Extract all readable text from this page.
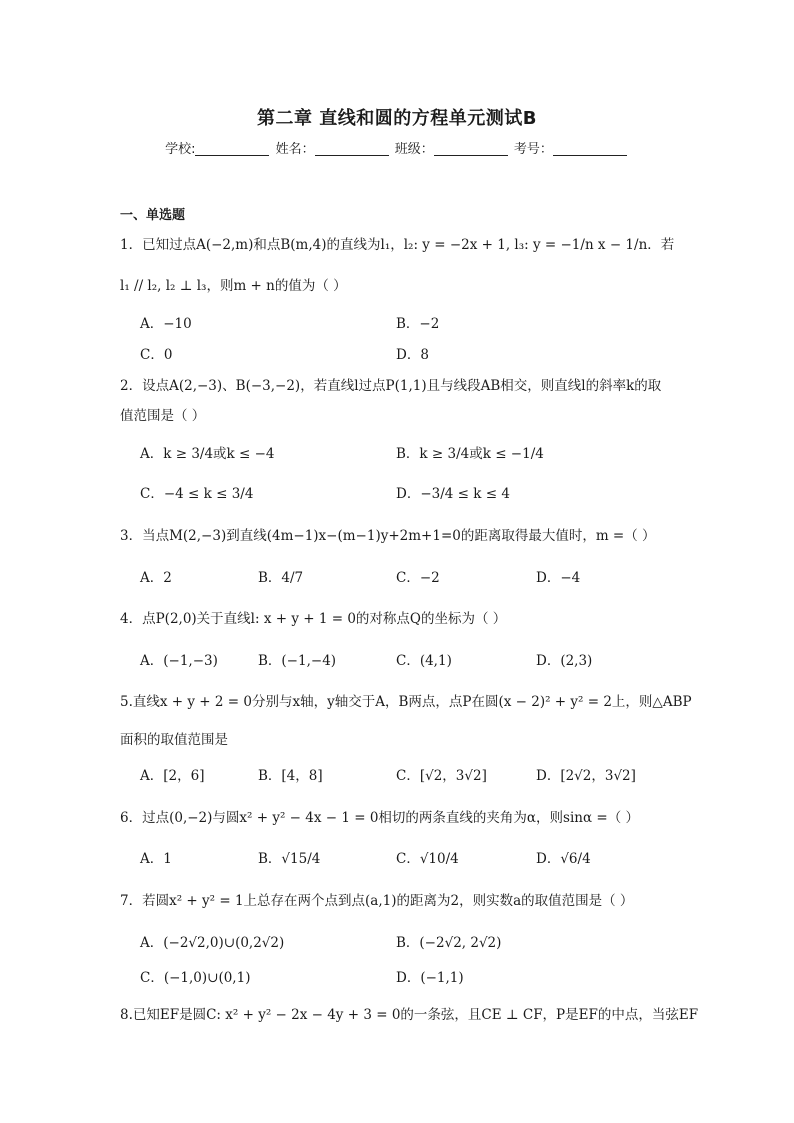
第二章 直线和圆的方程单元测试B
学校:	姓名：	班级：	考号：
一、单选题
1．已知过点A(−2,m)和点B(m,4)的直线为l₁，l₂: y = −2x + 1, l₃: y = −1/n x − 1/n．若
l₁ // l₂, l₂ ⊥ l₃，则m + n的值为（ ）
A．−10	B．−2
C．0	D．8
2．设点A(2,−3)、B(−3,−2)，若直线l过点P(1,1)且与线段AB相交，则直线l的斜率k的取
值范围是（ ）
A．k ≥ 3/4或k ≤ −4	B．k ≥ 3/4或k ≤ −1/4
C．−4 ≤ k ≤ 3/4	D．−3/4 ≤ k ≤ 4
3．当点M(2,−3)到直线(4m−1)x−(m−1)y+2m+1=0的距离取得最大值时，m =（ ）
A．2	B．4/7	C．−2	D．−4
4．点P(2,0)关于直线l: x + y + 1 = 0的对称点Q的坐标为（ ）
A．(−1,−3)	B．(−1,−4)	C．(4,1)	D．(2,3)
5.直线x + y + 2 = 0分别与x轴，y轴交于A，B两点，点P在圆(x − 2)² + y² = 2上，则△ABP
面积的取值范围是
A．[2，6]	B．[4，8]	C．[√2，3√2]	D．[2√2，3√2]
6．过点(0,−2)与圆x² + y² − 4x − 1 = 0相切的两条直线的夹角为α，则sinα =（ ）
A．1	B．√15/4	C．√10/4	D．√6/4
7．若圆x² + y² = 1上总存在两个点到点(a,1)的距离为2，则实数a的取值范围是（ ）
A．(−2√2,0)∪(0,2√2)	B．(−2√2, 2√2)
C．(−1,0)∪(0,1)	D．(−1,1)
8.已知EF是圆C: x² + y² − 2x − 4y + 3 = 0的一条弦，且CE ⊥ CF，P是EF的中点，当弦EF
